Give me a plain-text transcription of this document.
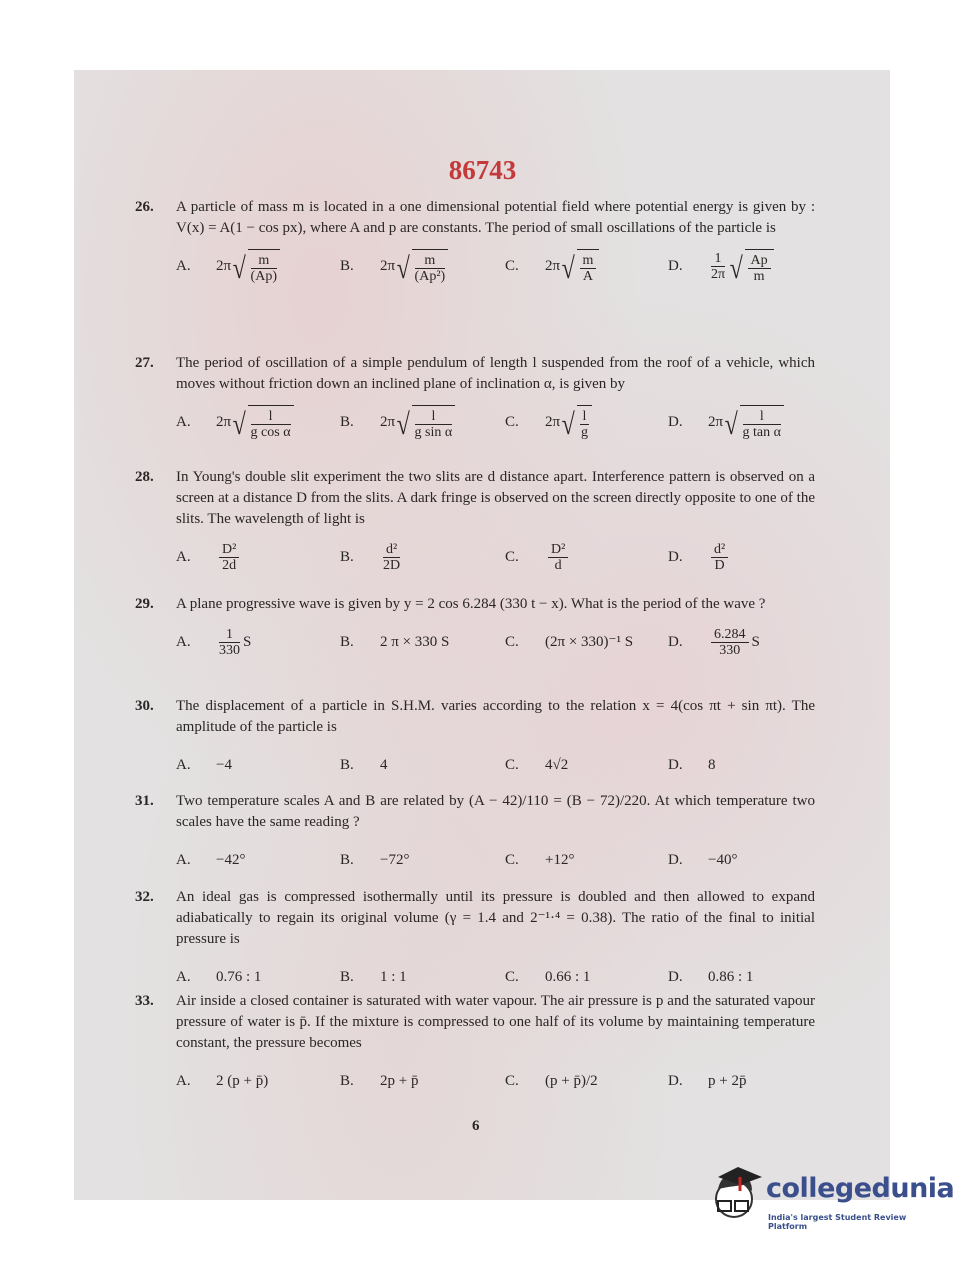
86743
26. A particle of mass m is located in a one dimensional potential field where potential energy is given by : V(x) = A(1 − cos px), where A and p are constants. The period of small oscillations of the particle is
A.	2π √ $\frac{m}{(Ap)}$	B.	2π √ $\frac{m}{\text{(Ap²)}}$	C.	2π √ $\frac{m}{A}$	D.	$\frac{1}{2\pi}$ √ $\frac{Ap}{m}$
27. The period of oscillation of a simple pendulum of length l suspended from the roof of a vehicle, which moves without friction down an inclined plane of inclination α, is given by
A.	2π √ $\frac{l}{\text{g cos α}}$	B.	2π √ $\frac{l}{\text{g sin α}}$	C.	2π √ $\frac{l}{g}$	D.	2π √ $\frac{l}{\text{g tan α}}$
28. In Young's double slit experiment the two slits are d distance apart. Interference pattern is observed on a screen at a distance D from the slits. A dark fringe is observed on the screen directly opposite to one of the slits. The wavelength of light is
A.	$\frac{\text{D²}}{2d}$	B.	$\frac{\text{d²}}{2D}$	C.	$\frac{\text{D²}}{d}$	D.	$\frac{\text{d²}}{D}$
29. A plane progressive wave is given by y = 2 cos 6.284 (330 t − x). What is the period of the wave ?
A.	$\frac{1}{330}$ S	B.	2 π × 330 S	C.	(2π × 330)⁻¹ S D.	$\frac{6.284}{330}$ S
30. The displacement of a particle in S.H.M. varies according to the relation x = 4(cos πt + sin πt). The amplitude of the particle is
A.	−4	B.	4	C.	4√2	D.	8
31. Two temperature scales A and B are related by (A − 42)/110 = (B − 72)/220. At which temperature two scales have the same reading ?
A.	−42°	B.	−72°	C.	+12°	D.	−40°
32. An ideal gas is compressed isothermally until its pressure is doubled and then allowed to expand adiabatically to regain its original volume (γ = 1.4 and 2⁻¹·⁴ = 0.38). The ratio of the final to initial pressure is
A.	0.76 : 1	B.	1 : 1	C.	0.66 : 1	D.	0.86 : 1
33. Air inside a closed container is saturated with water vapour. The air pressure is p and the saturated vapour pressure of water is p̄. If the mixture is compressed to one half of its volume by maintaining temperature constant, the pressure becomes
A.	2 (p + p̄)	B.	2p + p̄	C.	(p + p̄)/2	D.	p + 2p̄
6
collegedunia
India's largest Student Review Platform
